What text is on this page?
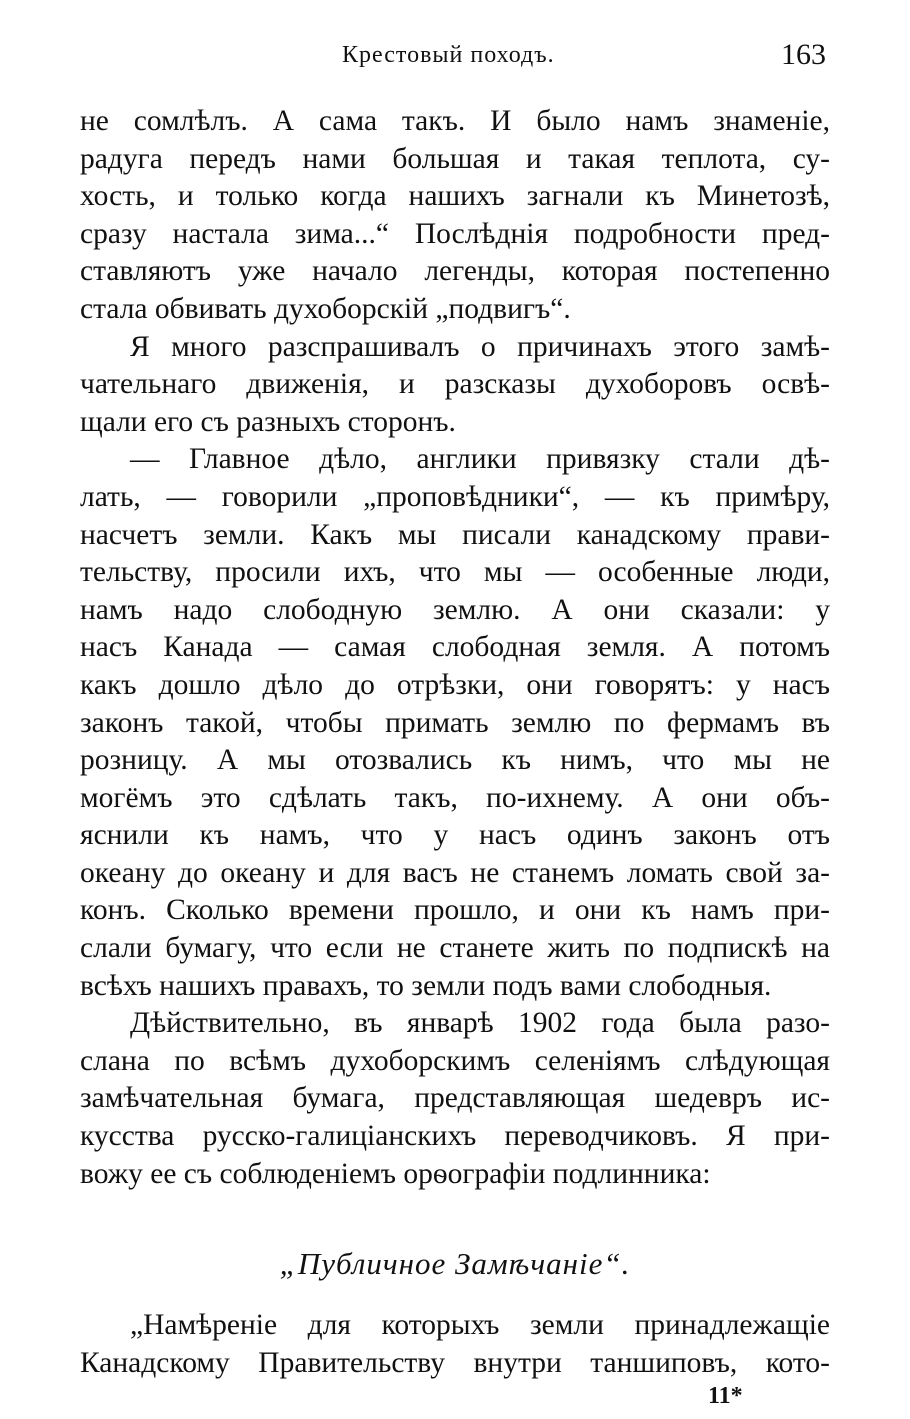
Крестовый походъ.	163
не сомлѣлъ. А сама такъ. И было намъ знаменіе,
радуга передъ нами большая и такая теплота, су-
хость, и только когда нашихъ загнали къ Минетозѣ,
сразу настала зима...“ Послѣднія подробности пред-
ставляютъ уже начало легенды, которая постепенно
стала обвивать духоборскій „подвигъ“.
Я много разспрашивалъ о причинахъ этого замѣ-
чательнаго движенія, и разсказы духоборовъ освѣ-
щали его съ разныхъ сторонъ.
— Главное дѣло, англики привязку стали дѣ-
лать, — говорили „проповѣдники“, — къ примѣру,
насчетъ земли. Какъ мы писали канадскому прави-
тельству, просили ихъ, что мы — особенные люди,
намъ надо слободную землю. А они сказали: у
насъ Канада — самая слободная земля. А потомъ
какъ дошло дѣло до отрѣзки, они говорятъ: у насъ
законъ такой, чтобы примать землю по фермамъ въ
розницу. А мы отозвались къ нимъ, что мы не
могёмъ это сдѣлать такъ, по-ихнему. А они объ-
яснили къ намъ, что у насъ одинъ законъ отъ
океану до океану и для васъ не станемъ ломать свой за-
конъ. Сколько времени прошло, и они къ намъ при-
слали бумагу, что если не станете жить по подпискѣ на
всѣхъ нашихъ правахъ, то земли подъ вами слободныя.
Дѣйствительно, въ январѣ 1902 года была разо-
слана по всѣмъ духоборскимъ селеніямъ слѣдующая
замѣчательная бумага, представляющая шедевръ ис-
кусства русско-галиціанскихъ переводчиковъ. Я при-
вожу ее съ соблюденіемъ орѳографіи подлинника:
„Публичное Замѣчаніе“.
„Намѣреніе для которыхъ земли принадлежащіе
Канадскому Правительству внутри таншиповъ, кото-
11*
